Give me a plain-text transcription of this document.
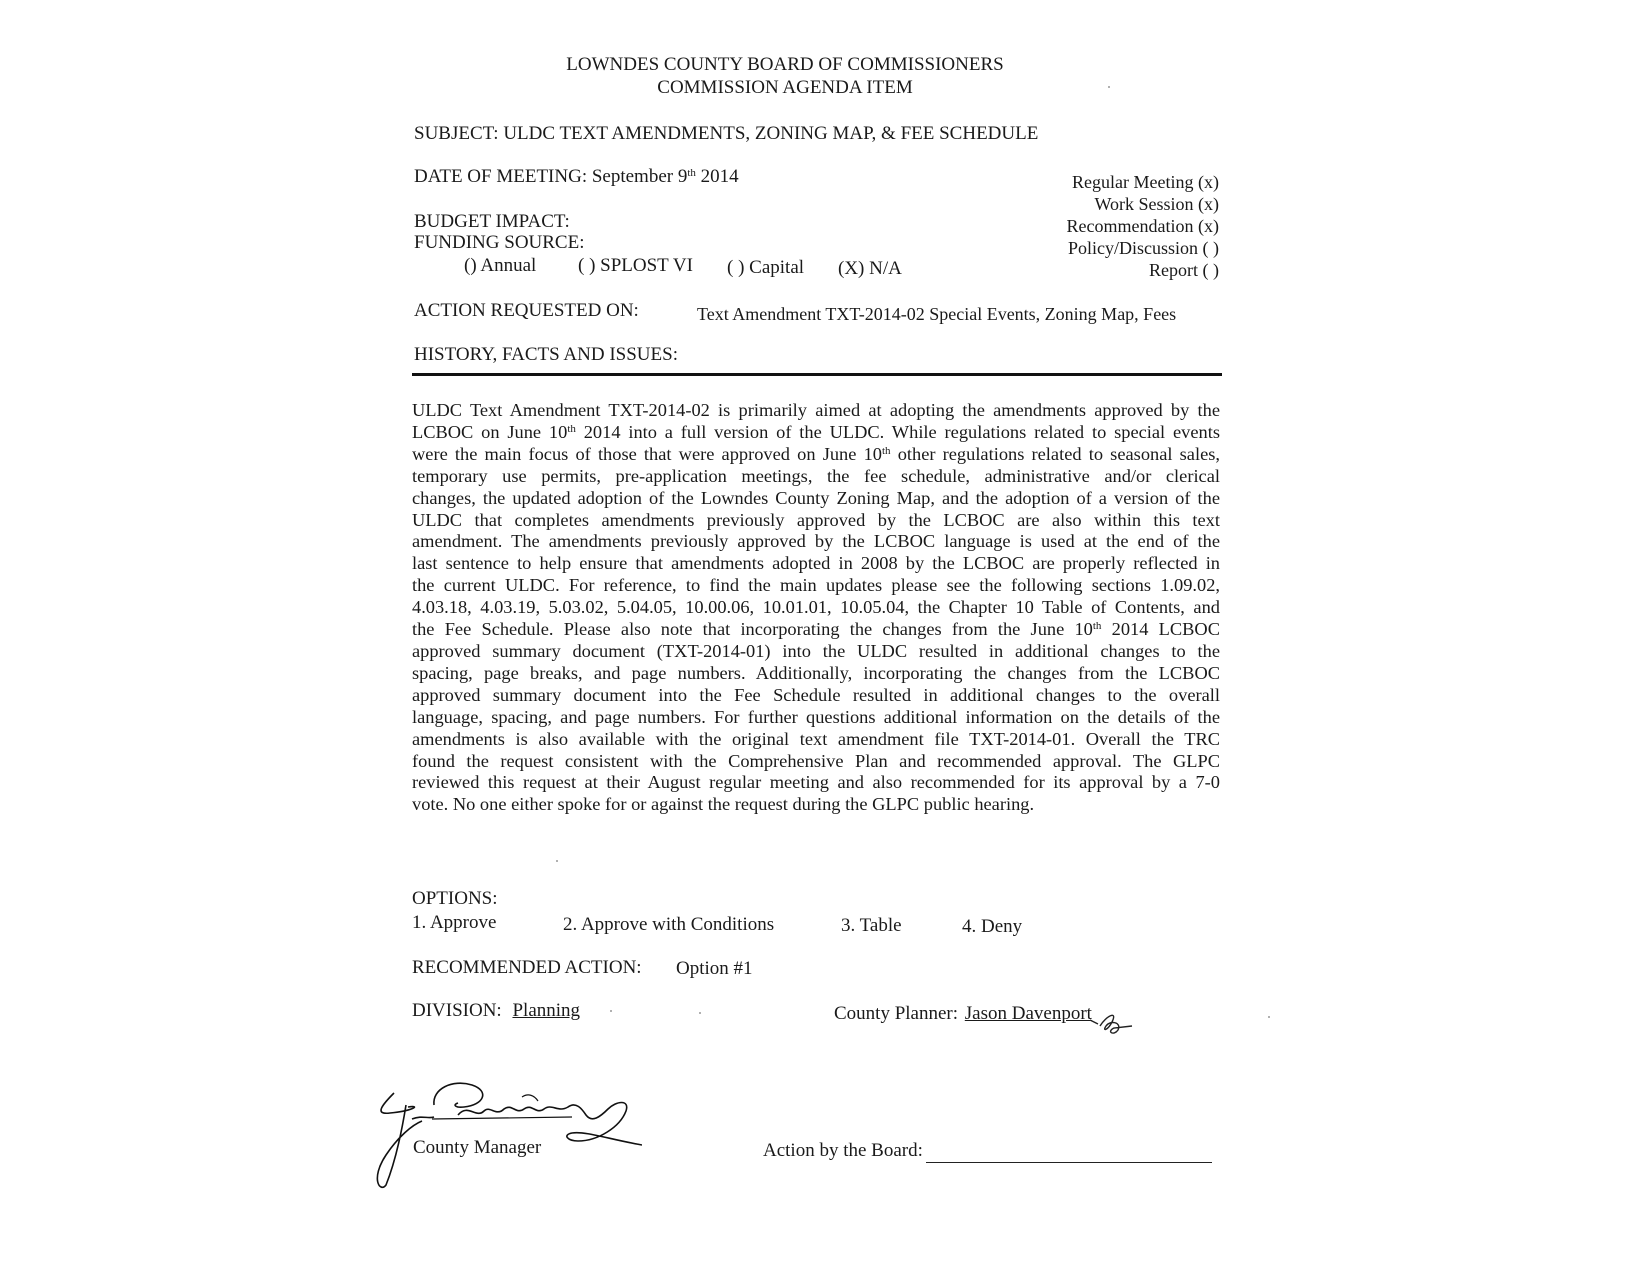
LOWNDES COUNTY BOARD OF COMMISSIONERS
COMMISSION AGENDA ITEM
SUBJECT: ULDC TEXT AMENDMENTS, ZONING MAP, & FEE SCHEDULE
DATE OF MEETING: September 9th 2014	Regular Meeting (x)
Work Session (x)
Recommendation (x)
Policy/Discussion ( )
Report ( )
BUDGET IMPACT:
FUNDING SOURCE:
() Annual ( ) SPLOST VI ( ) Capital (X) N/A
ACTION REQUESTED ON:	Text Amendment TXT-2014-02 Special Events, Zoning Map, Fees
HISTORY, FACTS AND ISSUES:
ULDC Text Amendment TXT-2014-02 is primarily aimed at adopting the amendments approved by the
LCBOC on June 10th 2014 into a full version of the ULDC. While regulations related to special events
were the main focus of those that were approved on June 10th other regulations related to seasonal sales,
temporary use permits, pre-application meetings, the fee schedule, administrative and/or clerical
changes, the updated adoption of the Lowndes County Zoning Map, and the adoption of a version of the
ULDC that completes amendments previously approved by the LCBOC are also within this text
amendment. The amendments previously approved by the LCBOC language is used at the end of the
last sentence to help ensure that amendments adopted in 2008 by the LCBOC are properly reflected in
the current ULDC. For reference, to find the main updates please see the following sections 1.09.02,
4.03.18, 4.03.19, 5.03.02, 5.04.05, 10.00.06, 10.01.01, 10.05.04, the Chapter 10 Table of Contents, and
the Fee Schedule. Please also note that incorporating the changes from the June 10th 2014 LCBOC
approved summary document (TXT-2014-01) into the ULDC resulted in additional changes to the
spacing, page breaks, and page numbers. Additionally, incorporating the changes from the LCBOC
approved summary document into the Fee Schedule resulted in additional changes to the overall
language, spacing, and page numbers. For further questions additional information on the details of the
amendments is also available with the original text amendment file TXT-2014-01. Overall the TRC
found the request consistent with the Comprehensive Plan and recommended approval. The GLPC
reviewed this request at their August regular meeting and also recommended for its approval by a 7-0
vote. No one either spoke for or against the request during the GLPC public hearing.
OPTIONS:
1. Approve	2. Approve with Conditions	3. Table	4. Deny
RECOMMENDED ACTION: Option #1
DIVISION: Planning	County Planner: Jason Davenport
County Manager	Action by the Board:
